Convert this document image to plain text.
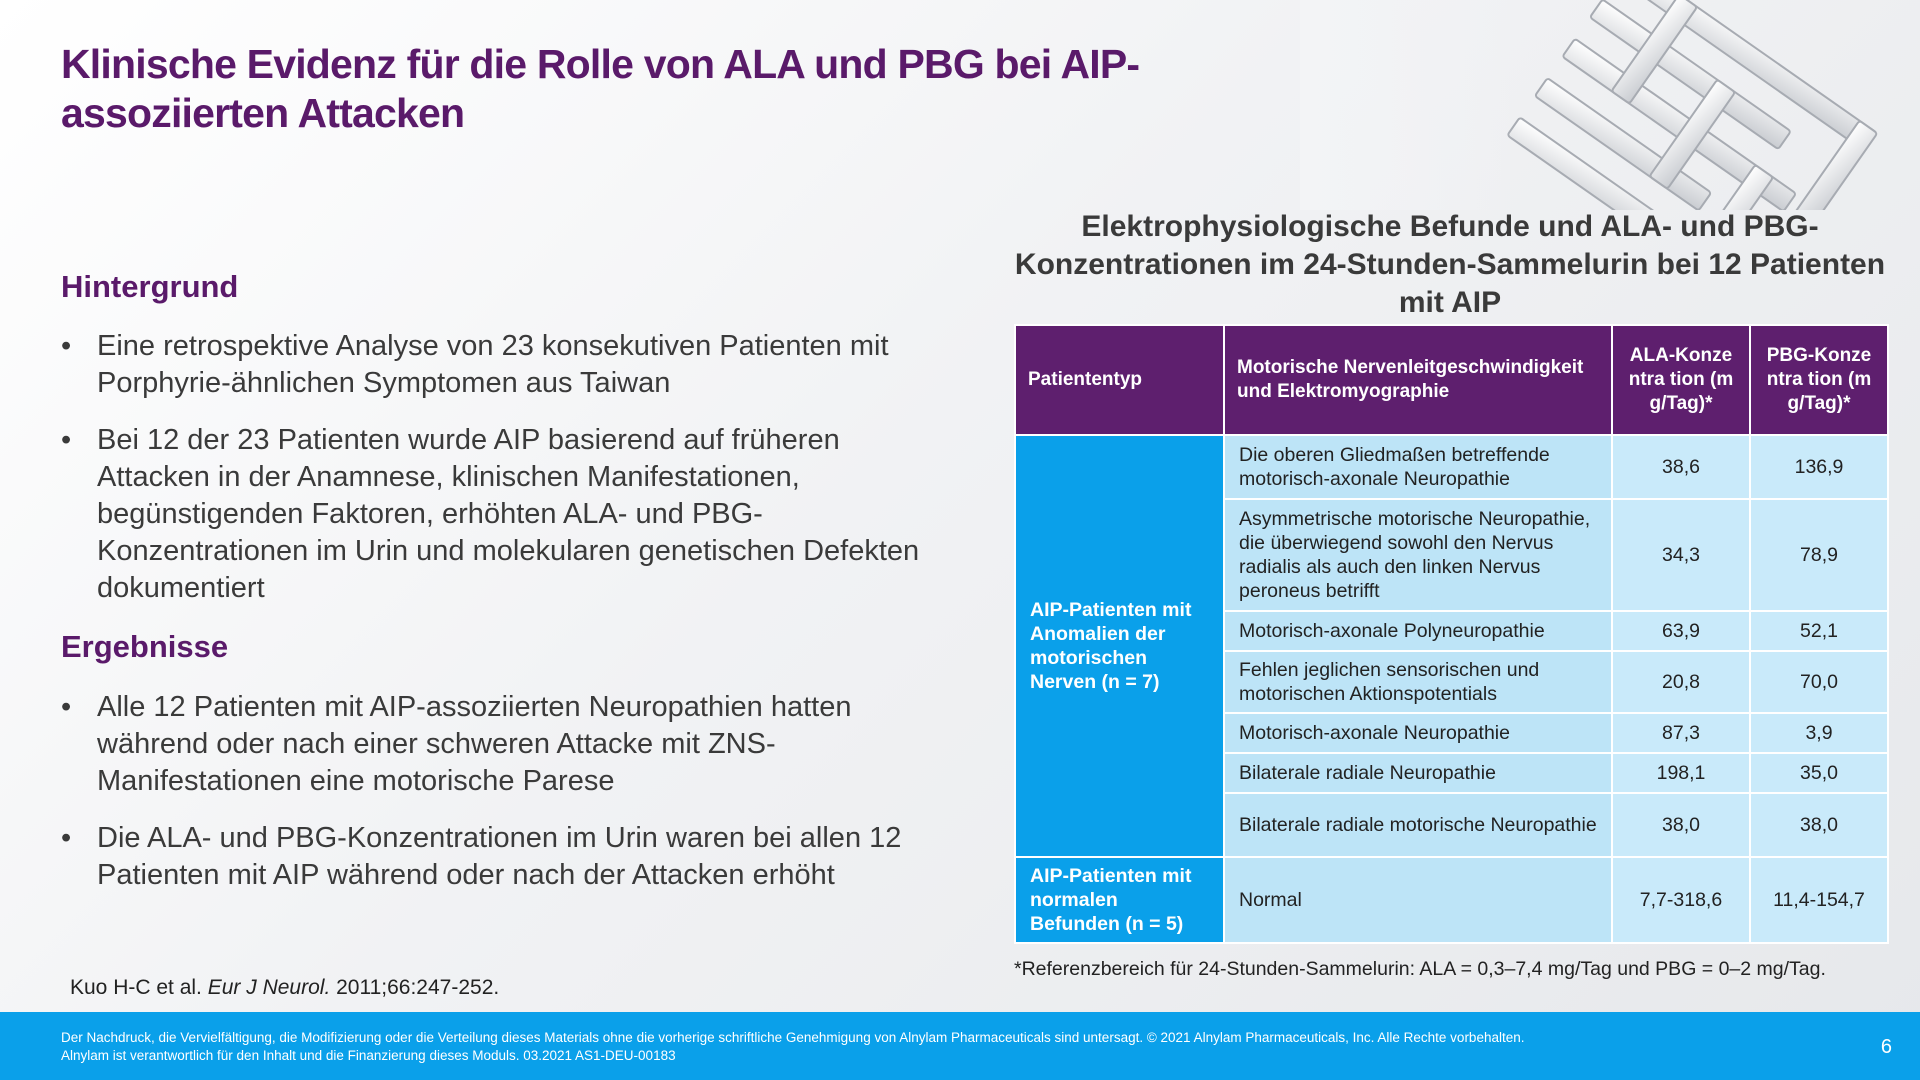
Klinische Evidenz für die Rolle von ALA und PBG bei AIP-assoziierten Attacken
Hintergrund
• Eine retrospektive Analyse von 23 konsekutiven Patienten mit Porphyrie-ähnlichen Symptomen aus Taiwan
• Bei 12 der 23 Patienten wurde AIP basierend auf früheren Attacken in der Anamnese, klinischen Manifestationen, begünstigenden Faktoren, erhöhten ALA- und PBG-Konzentrationen im Urin und molekularen genetischen Defekten dokumentiert
Ergebnisse
• Alle 12 Patienten mit AIP-assoziierten Neuropathien hatten während oder nach einer schweren Attacke mit ZNS-Manifestationen eine motorische Parese
• Die ALA- und PBG-Konzentrationen im Urin waren bei allen 12 Patienten mit AIP während oder nach der Attacken erhöht
Kuo H-C et al. Eur J Neurol. 2011;66:247-252.
Elektrophysiologische Befunde und ALA- und PBG-Konzentrationen im 24-Stunden-Sammelurin bei 12 Patienten mit AIP
Patiententyp	Motorische Nervenleitgeschwindigkeit und Elektromyographie	ALA-Konzentra tion (mg/Tag)*	PBG-Konzentra tion (mg/Tag)*
AIP-Patienten mit Anomalien der motorischen Nerven (n = 7)	Die oberen Gliedmaßen betreffende motorisch-axonale Neuropathie	38,6	136,9
	Asymmetrische motorische Neuropathie, die überwiegend sowohl den Nervus radialis als auch den linken Nervus peroneus betrifft	34,3	78,9
	Motorisch-axonale Polyneuropathie	63,9	52,1
	Fehlen jeglichen sensorischen und motorischen Aktionspotentials	20,8	70,0
	Motorisch-axonale Neuropathie	87,3	3,9
	Bilaterale radiale Neuropathie	198,1	35,0
	Bilaterale radiale motorische Neuropathie	38,0	38,0
AIP-Patienten mit normalen Befunden (n = 5)	Normal	7,7-318,6	11,4-154,7
*Referenzbereich für 24-Stunden-Sammelurin: ALA = 0,3–7,4 mg/Tag und PBG = 0–2 mg/Tag.
Der Nachdruck, die Vervielfältigung, die Modifizierung oder die Verteilung dieses Materials ohne die vorherige schriftliche Genehmigung von Alnylam Pharmaceuticals sind untersagt. © 2021 Alnylam Pharmaceuticals, Inc. Alle Rechte vorbehalten.
Alnylam ist verantwortlich für den Inhalt und die Finanzierung dieses Moduls. 03.2021 AS1-DEU-00183	6
